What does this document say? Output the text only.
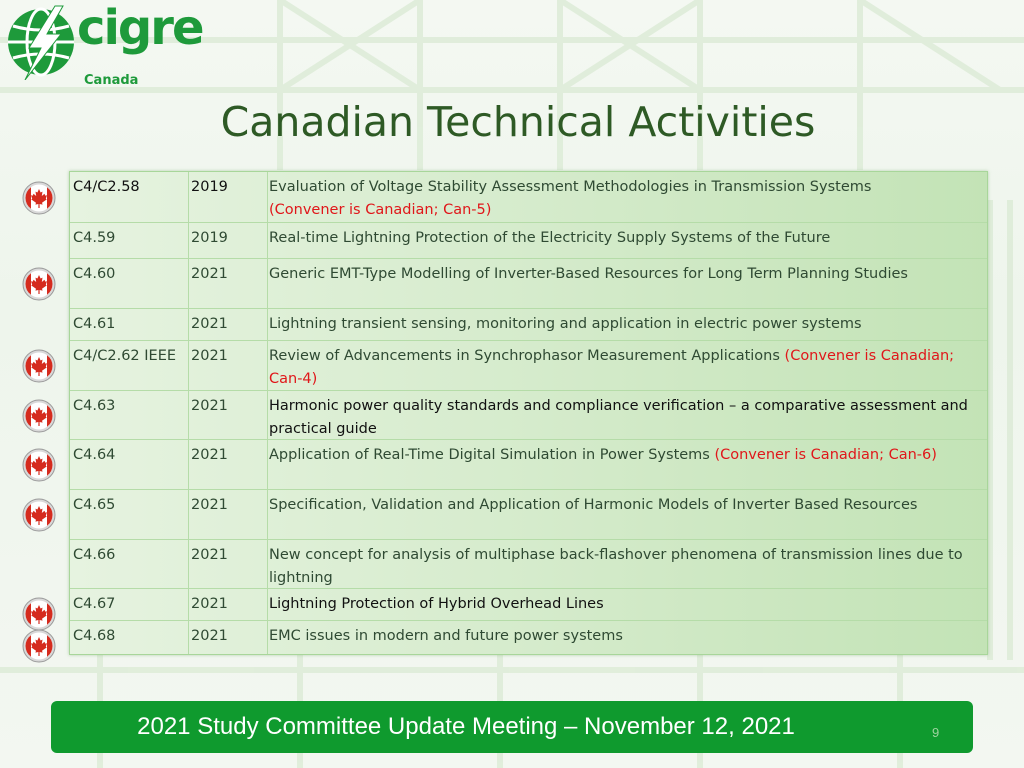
cigre
Canada
Canadian Technical Activities
C4/C2.58	2019	Evaluation of Voltage Stability Assessment Methodologies in Transmission Systems
(Convener is Canadian; Can-5)
C4.59	2019	Real-time Lightning Protection of the Electricity Supply Systems of the Future
C4.60	2021	Generic EMT-Type Modelling of Inverter-Based Resources for Long Term Planning Studies
C4.61	2021	Lightning transient sensing, monitoring and application in electric power systems
C4/C2.62 IEEE	2021	Review of Advancements in Synchrophasor Measurement Applications (Convener is Canadian; Can-4)
C4.63	2021	Harmonic power quality standards and compliance verification – a comparative assessment and practical guide
C4.64	2021	Application of Real-Time Digital Simulation in Power Systems (Convener is Canadian; Can-6)
C4.65	2021	Specification, Validation and Application of Harmonic Models of Inverter Based Resources
C4.66	2021	New concept for analysis of multiphase back-flashover phenomena of transmission lines due to lightning
C4.67	2021	Lightning Protection of Hybrid Overhead Lines
C4.68	2021	EMC issues in modern and future power systems
2021 Study Committee Update Meeting – November 12, 2021	9
